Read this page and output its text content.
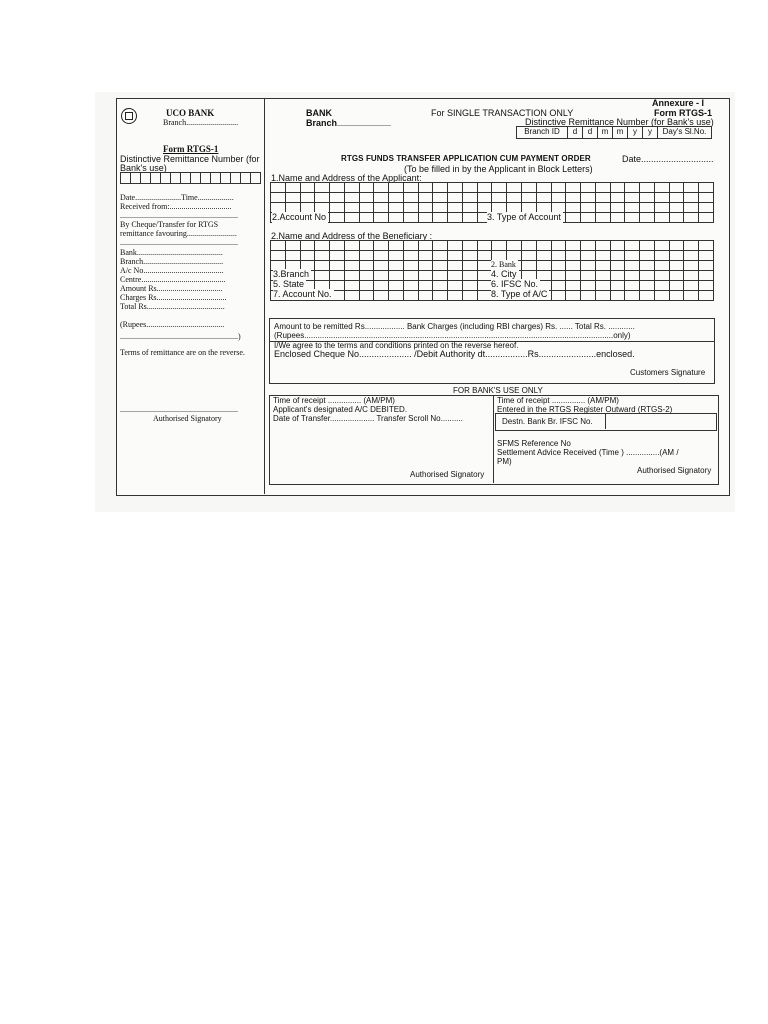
UCO BANK
Branch..........................
Form RTGS-1
Distinctive Remittance Number (for
Bank's use)
Date.......................Time..................
Received from:...............................
...........................................................
By Cheque/Transfer for RTGS
remittance favouring.........................
...........................................................
Bank...........................................
Branch........................................
A/c No........................................
Centre..........................................
Amount Rs.................................
Charges Rs...................................
Total Rs.......................................
(Rupees.......................................
...........................................................)
Terms of remittance are on the reverse.
...........................................................
Authorised Signatory
BANK
Branch ...........................
For SINGLE TRANSACTION ONLY
Annexure - I
Form RTGS-1
Distinctive Remittance Number (for Bank's use)
Branch ID	d	d	m	m	y	y	Day's Sl.No.
RTGS FUNDS TRANSFER APPLICATION CUM PAYMENT ORDER	Date.............................
(To be filled in by the Applicant in Block Letters)
1.Name and Address of the Applicant:
2.Account No	3. Type of Account
2.Name and Address of the Beneficiary :
2. Bank
3.Branch	4. City
5. State	6. IFSC No.
7. Account No.	8. Type of A/C
Amount to be remitted Rs.................. Bank Charges (including RBI charges) Rs. ...... Total Rs. ............
(Rupees...........................................................................................................................................only)
I/We agree to the terms and conditions printed on the reverse hereof.
Enclosed Cheque No..................... /Debit Authority dt.................Rs.......................enclosed.
Customers Signature
FOR BANK'S USE ONLY
Time of receipt ............... (AM/PM)
Applicant's designated A/C DEBITED.
Date of Transfer.................... Transfer Scroll No..........
Authorised Signatory
Time of receipt ............... (AM/PM)
Entered in the RTGS Register Outward (RTGS-2)
Destn. Bank Br. IFSC No.
SFMS Reference No
Settlement Advice Received (Time ) ...............(AM /
PM)
Authorised Signatory
